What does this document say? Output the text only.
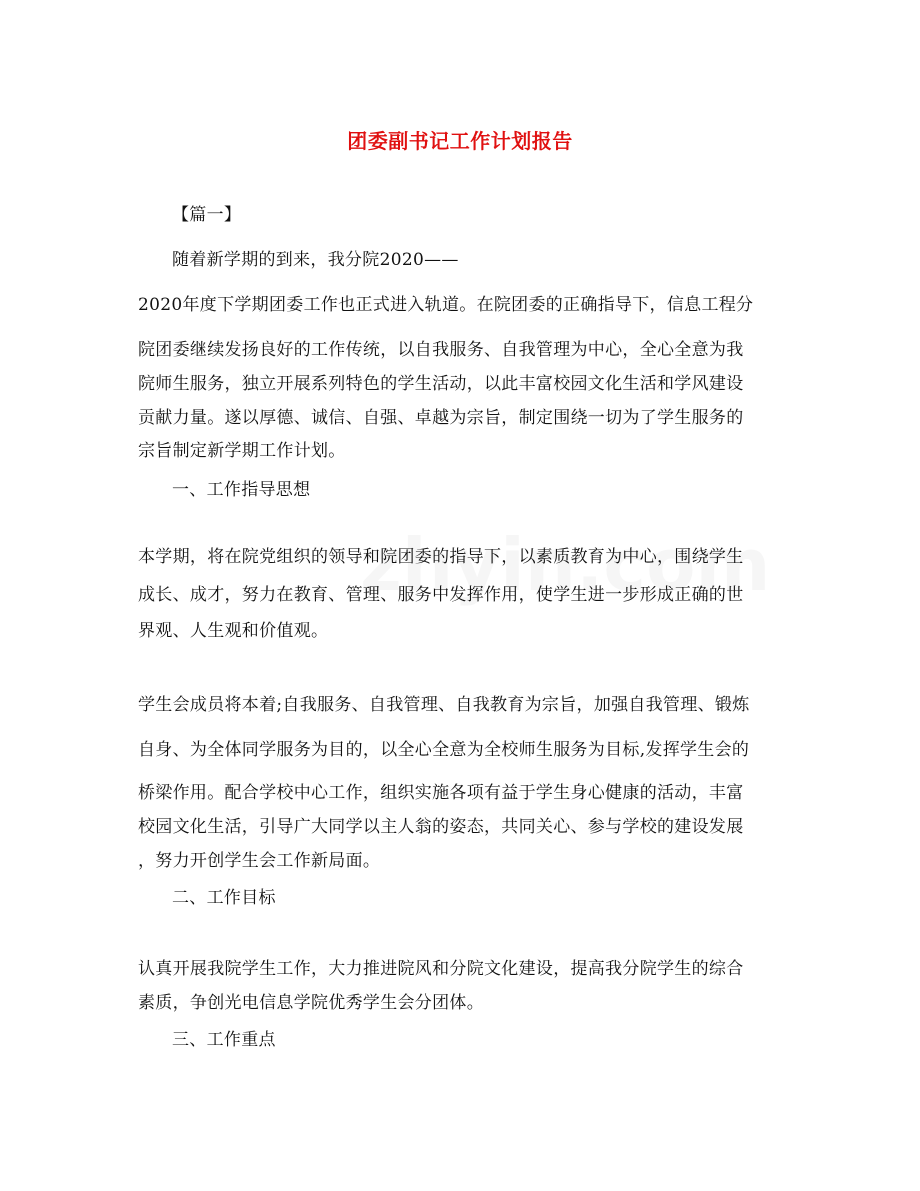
团委副书记工作计划报告
【篇一】
随着新学期的到来，我分院2020——
2020年度下学期团委工作也正式进入轨道。在院团委的正确指导下，信息工程分
院团委继续发扬良好的工作传统，以自我服务、自我管理为中心，全心全意为我
院师生服务，独立开展系列特色的学生活动，以此丰富校园文化生活和学风建设
贡献力量。遂以厚德、诚信、自强、卓越为宗旨，制定围绕一切为了学生服务的
宗旨制定新学期工作计划。
一、工作指导思想
本学期，将在院党组织的领导和院团委的指导下，以素质教育为中心，围绕学生
成长、成才，努力在教育、管理、服务中发挥作用，使学生进一步形成正确的世
界观、人生观和价值观。
学生会成员将本着;自我服务、自我管理、自我教育为宗旨，加强自我管理、锻炼
自身、为全体同学服务为目的，以全心全意为全校师生服务为目标,发挥学生会的
桥梁作用。配合学校中心工作，组织实施各项有益于学生身心健康的活动，丰富
校园文化生活，引导广大同学以主人翁的姿态，共同关心、参与学校的建设发展
，努力开创学生会工作新局面。
二、工作目标
认真开展我院学生工作，大力推进院风和分院文化建设，提高我分院学生的综合
素质，争创光电信息学院优秀学生会分团体。
三、工作重点
